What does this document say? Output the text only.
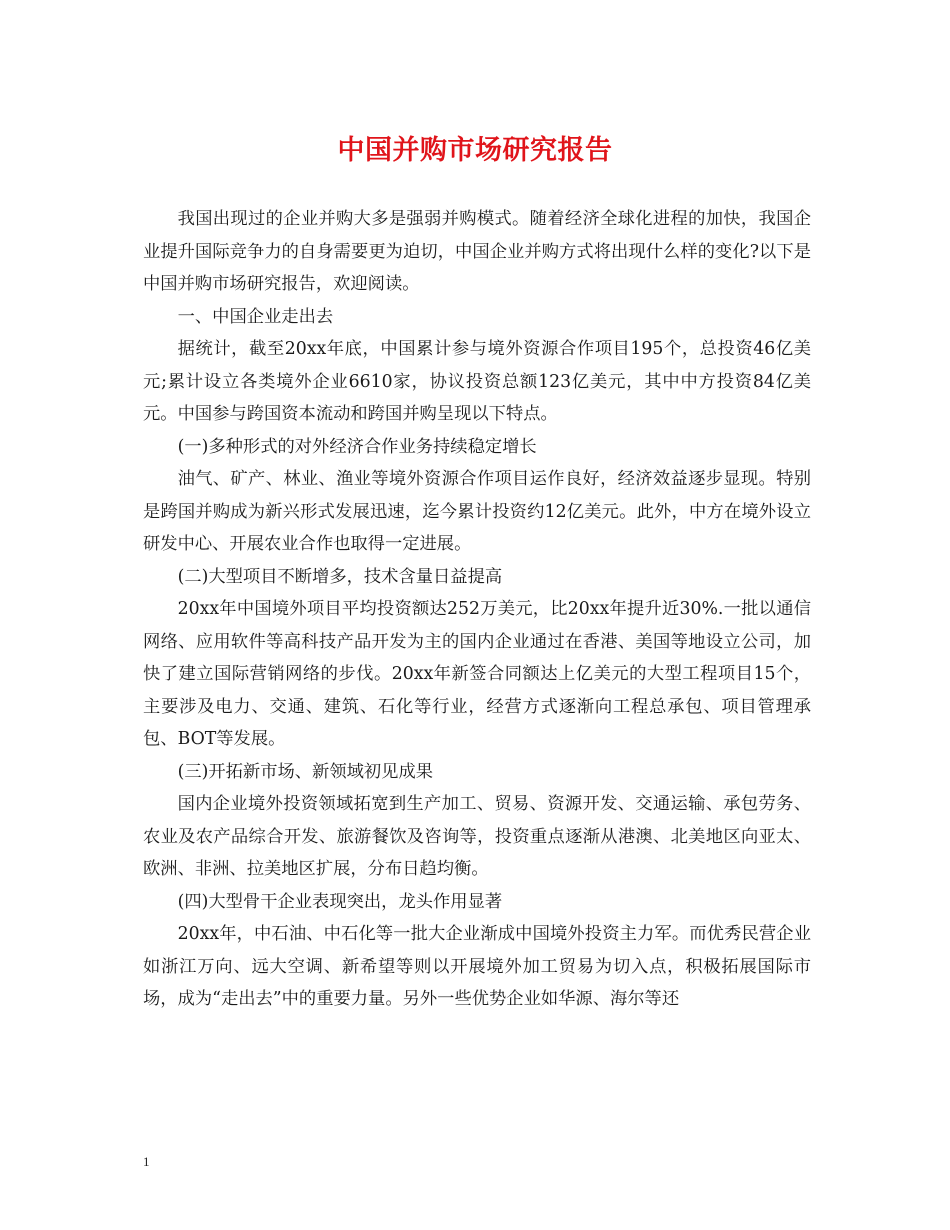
中国并购市场研究报告

我国出现过的企业并购大多是强弱并购模式。随着经济全球化进程的加快，我国企业提升国际竞争力的自身需要更为迫切，中国企业并购方式将出现什么样的变化?以下是中国并购市场研究报告，欢迎阅读。

一、中国企业走出去

据统计，截至20xx年底，中国累计参与境外资源合作项目195个，总投资46亿美元;累计设立各类境外企业6610家，协议投资总额123亿美元，其中中方投资84亿美元。中国参与跨国资本流动和跨国并购呈现以下特点。

(一)多种形式的对外经济合作业务持续稳定增长

油气、矿产、林业、渔业等境外资源合作项目运作良好，经济效益逐步显现。特别是跨国并购成为新兴形式发展迅速，迄今累计投资约12亿美元。此外，中方在境外设立研发中心、开展农业合作也取得一定进展。

(二)大型项目不断增多，技术含量日益提高

20xx年中国境外项目平均投资额达252万美元，比20xx年提升近30%.一批以通信网络、应用软件等高科技产品开发为主的国内企业通过在香港、美国等地设立公司，加快了建立国际营销网络的步伐。20xx年新签合同额达上亿美元的大型工程项目15个，主要涉及电力、交通、建筑、石化等行业，经营方式逐渐向工程总承包、项目管理承包、BOT等发展。

(三)开拓新市场、新领域初见成果

国内企业境外投资领域拓宽到生产加工、贸易、资源开发、交通运输、承包劳务、农业及农产品综合开发、旅游餐饮及咨询等，投资重点逐渐从港澳、北美地区向亚太、欧洲、非洲、拉美地区扩展，分布日趋均衡。

(四)大型骨干企业表现突出，龙头作用显著

20xx年，中石油、中石化等一批大企业渐成中国境外投资主力军。而优秀民营企业如浙江万向、远大空调、新希望等则以开展境外加工贸易为切入点，积极拓展国际市场，成为“走出去”中的重要力量。另外一些优势企业如华源、海尔等还

1
